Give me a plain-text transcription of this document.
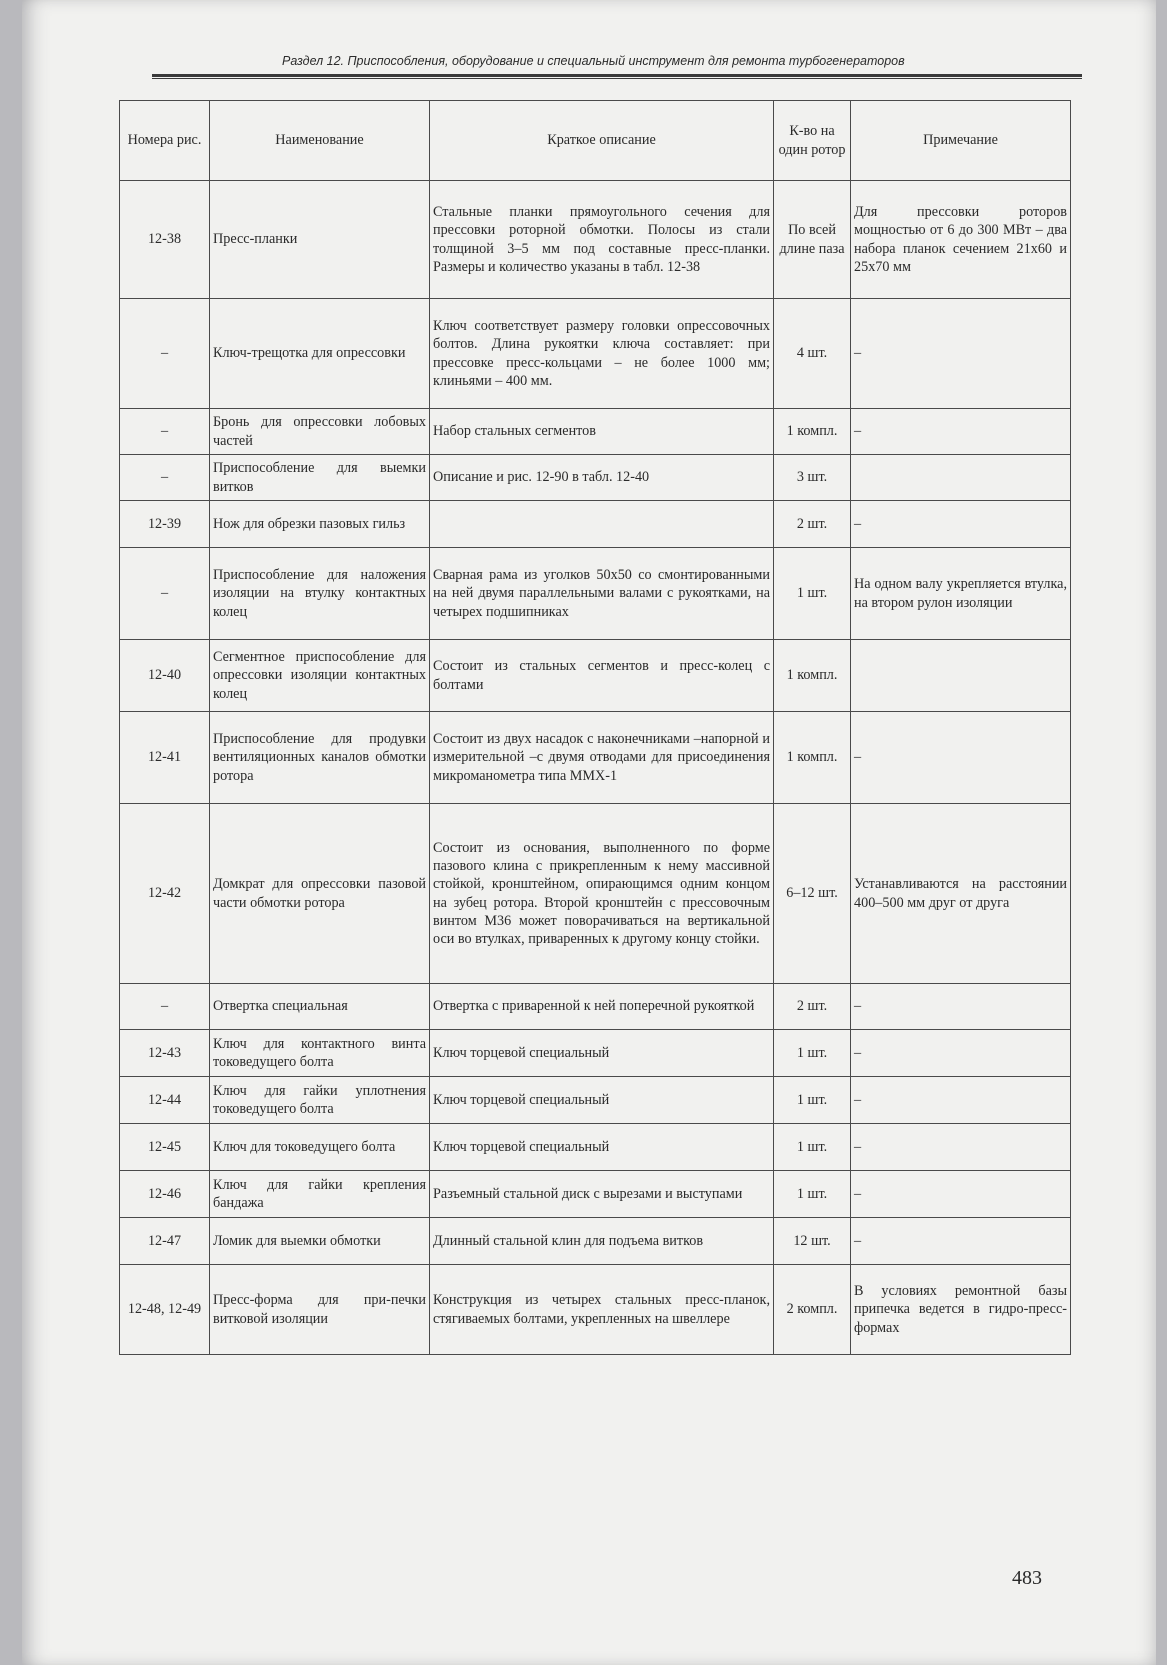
Раздел 12. Приспособления, оборудование и специальный инструмент для ремонта турбогенераторов
Номера рис.	Наименование	Краткое описание	К-во на один ротор	Примечание
12-38	Пресс-планки	Стальные планки прямоугольного сечения для прессовки роторной обмотки. Полосы из стали толщиной 3–5 мм под составные пресс-планки. Размеры и количество указаны в табл. 12-38	По всей длине паза	Для прессовки роторов мощностью от 6 до 300 МВт – два набора планок сечением 21х60 и 25х70 мм
–	Ключ-трещотка для опрессовки	Ключ соответствует размеру головки опрессовочных болтов. Длина рукоятки ключа составляет: при прессовке пресс-кольцами – не более 1000 мм; клиньями – 400 мм.	4 шт.	–
–	Бронь для опрессовки лобовых частей	Набор стальных сегментов	1 компл.	–
–	Приспособление для выемки витков	Описание и рис. 12-90 в табл. 12-40	3 шт.	
12-39	Нож для обрезки пазовых гильз		2 шт.	–
–	Приспособление для наложения изоляции на втулку контактных колец	Сварная рама из уголков 50х50 со смонтированными на ней двумя параллельными валами с рукоятками, на четырех подшипниках	1 шт.	На одном валу укрепляется втулка, на втором рулон изоляции
12-40	Сегментное приспособление для опрессовки изоляции контактных колец	Состоит из стальных сегментов и пресс-колец с болтами	1 компл.	
12-41	Приспособление для продувки вентиляционных каналов обмотки ротора	Состоит из двух насадок с наконечниками –напорной и измерительной –с двумя отводами для присоединения микроманометра типа ММХ-1	1 компл.	–
12-42	Домкрат для опрессовки пазовой части обмотки ротора	Состоит из основания, выполненного по форме пазового клина с прикрепленным к нему массивной стойкой, кронштейном, опирающимся одним концом на зубец ротора. Второй кронштейн с прессовочным винтом М36 может поворачиваться на вертикальной оси во втулках, приваренных к другому концу стойки.	6–12 шт.	Устанавливаются на расстоянии 400–500 мм друг от друга
–	Отвертка специальная	Отвертка с приваренной к ней поперечной рукояткой	2 шт.	–
12-43	Ключ для контактного винта токоведущего болта	Ключ торцевой специальный	1 шт.	–
12-44	Ключ для гайки уплотнения токоведущего болта	Ключ торцевой специальный	1 шт.	–
12-45	Ключ для токоведущего болта	Ключ торцевой специальный	1 шт.	–
12-46	Ключ для гайки крепления бандажа	Разъемный стальной диск с вырезами и выступами	1 шт.	–
12-47	Ломик для выемки обмотки	Длинный стальной клин для подъема витков	12 шт.	–
12-48, 12-49	Пресс-форма для при-печки витковой изоляции	Конструкция из четырех стальных пресс-планок, стягиваемых болтами, укрепленных на швеллере	2 компл.	В условиях ремонтной базы припечка ведется в гидро-пресс-формах
483
